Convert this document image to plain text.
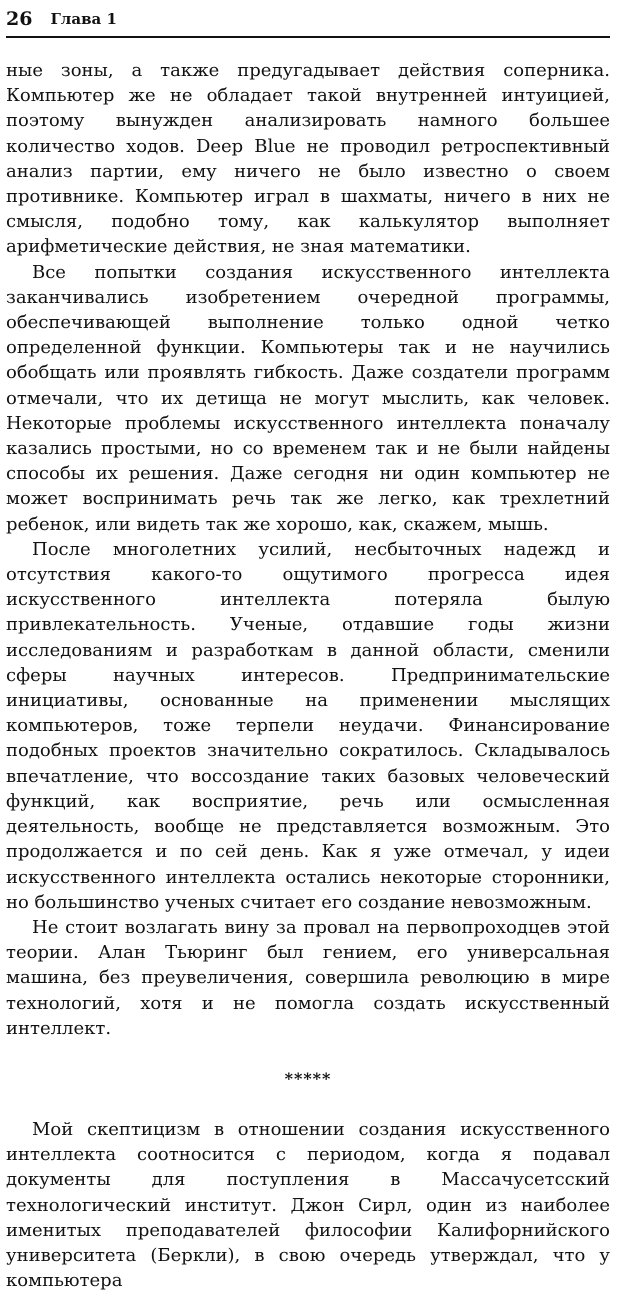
26 Глава 1

ные зоны, а также предугадывает действия соперника. Компьютер же не обладает такой внутренней интуицией, поэтому вынужден анализировать намного большее количество ходов. Deep Blue не проводил ретроспективный анализ партии, ему ничего не было известно о своем противнике. Компьютер играл в шахматы, ничего в них не смысля, подобно тому, как калькулятор выполняет арифметические действия, не зная математики.

Все попытки создания искусственного интеллекта заканчивались изобретением очередной программы, обеспечивающей выполнение только одной четко определенной функции. Компьютеры так и не научились обобщать или проявлять гибкость. Даже создатели программ отмечали, что их детища не могут мыслить, как человек. Некоторые проблемы искусственного интеллекта поначалу казались простыми, но со временем так и не были найдены способы их решения. Даже сегодня ни один компьютер не может воспринимать речь так же легко, как трехлетний ребенок, или видеть так же хорошо, как, скажем, мышь.

После многолетних усилий, несбыточных надежд и отсутствия какого-то ощутимого прогресса идея искусственного интеллекта потеряла былую привлекательность. Ученые, отдавшие годы жизни исследованиям и разработкам в данной области, сменили сферы научных интересов. Предпринимательские инициативы, основанные на применении мыслящих компьютеров, тоже терпели неудачи. Финансирование подобных проектов значительно сократилось. Складывалось впечатление, что воссоздание таких базовых человеческий функций, как восприятие, речь или осмысленная деятельность, вообще не представляется возможным. Это продолжается и по сей день. Как я уже отмечал, у идеи искусственного интеллекта остались некоторые сторонники, но большинство ученых считает его создание невозможным.

Не стоит возлагать вину за провал на первопроходцев этой теории. Алан Тьюринг был гением, его универсальная машина, без преувеличения, совершила революцию в мире технологий, хотя и не помогла создать искусственный интеллект.

*****

Мой скептицизм в отношении создания искусственного интеллекта соотносится с периодом, когда я подавал документы для поступления в Массачусетсский технологический институт. Джон Сирл, один из наиболее именитых преподавателей философии Калифорнийского университета (Беркли), в свою очередь утверждал, что у компьютера
